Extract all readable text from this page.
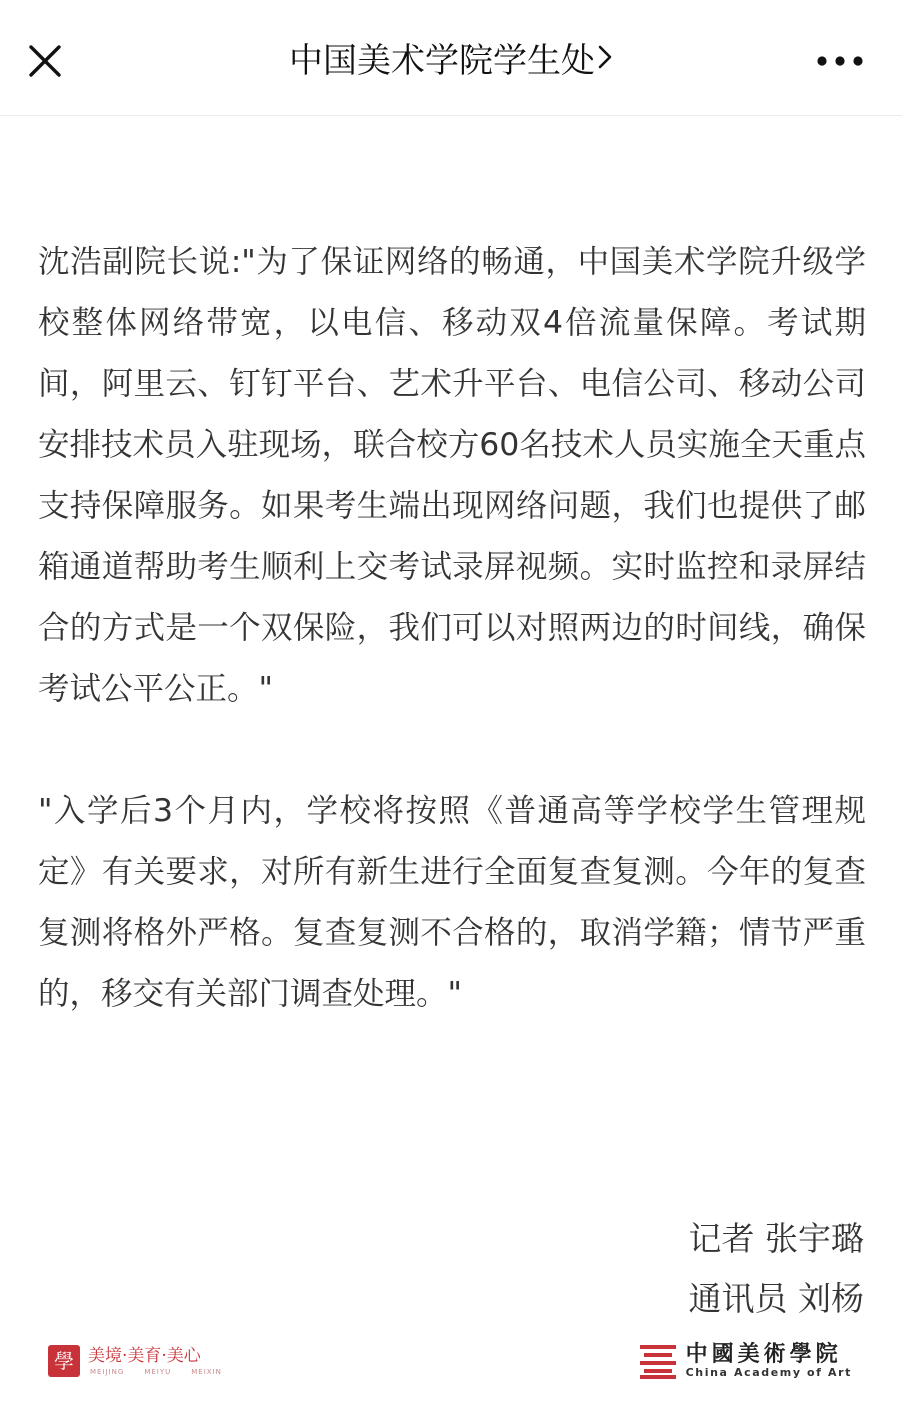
中国美术学院学生处

沈浩副院长说:"为了保证网络的畅通，中国美术学院升级学校整体网络带宽，以电信、移动双4倍流量保障。考试期间，阿里云、钉钉平台、艺术升平台、电信公司、移动公司安排技术员入驻现场，联合校方60名技术人员实施全天重点支持保障服务。如果考生端出现网络问题，我们也提供了邮箱通道帮助考生顺利上交考试录屏视频。实时监控和录屏结合的方式是一个双保险，我们可以对照两边的时间线，确保考试公平公正。"

"入学后3个月内，学校将按照《普通高等学校学生管理规定》有关要求，对所有新生进行全面复查复测。今年的复查复测将格外严格。复查复测不合格的，取消学籍；情节严重的，移交有关部门调查处理。"

记者 张宇璐
通讯员 刘杨
學 美境·美育·美心
MEIJING	MEIYU	MEIXIN
中國美術學院
China Academy of Art
